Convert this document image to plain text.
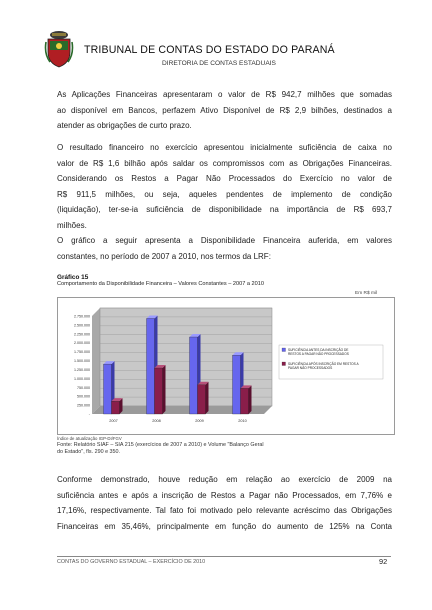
TRIBUNAL DE CONTAS DO ESTADO DO PARANÁ
DIRETORIA DE CONTAS ESTADUAIS
As Aplicações Financeiras apresentaram o valor de R$ 942,7 milhões que somadas
ao disponível em Bancos, perfazem Ativo Disponível de R$ 2,9 bilhões, destinados a
atender as obrigações de curto prazo.
O resultado financeiro no exercício apresentou inicialmente suficiência de caixa no
valor de R$ 1,6 bilhão após saldar os compromissos com as Obrigações Financeiras.
Considerando os Restos a Pagar Não Processados do Exercício no valor de
R$ 911,5 milhões, ou seja, aqueles pendentes de implemento de condição
(liquidação), ter-se-ia suficiência de disponibilidade na importância de R$ 693,7
milhões.
O gráfico a seguir apresenta a Disponibilidade Financeira auferida, em valores
constantes, no período de 2007 a 2010, nos termos da LRF:
Gráfico 15
Comportamento da Disponibilidade Financeira – Valores Constantes – 2007 a 2010
Em R$ mil
2.750.000
2.500.000
2.250.000
2.000.000
1.750.000
1.500.000
1.250.000
1.000.000
750.000
500.000
250.000
-
2007	2008	2009	2010
SUFICIÊNCIA ANTES DA INSCRIÇÃO DE
RESTOS A PAGAR NÃO PROCESSADOS
SUFICIÊNCIA APÓS INSCRIÇÃO EM RESTOS A
PAGAR NÃO PROCESSADOS
Índice de atualização IGP-DI/FGV
Fonte: Relatório SIAF – SIA 215 (exercícios de 2007 a 2010) e Volume "Balanço Geral do Estado", fls. 290 e 350.
Conforme demonstrado, houve redução em relação ao exercício de 2009 na
suficiência antes e após a inscrição de Restos a Pagar não Processados, em 7,76% e
17,16%, respectivamente. Tal fato foi motivado pelo relevante acréscimo das Obrigações
Financeiras em 35,46%, principalmente em função do aumento de 125% na Conta
CONTAS DO GOVERNO ESTADUAL – EXERCÍCIO DE 2010	92
